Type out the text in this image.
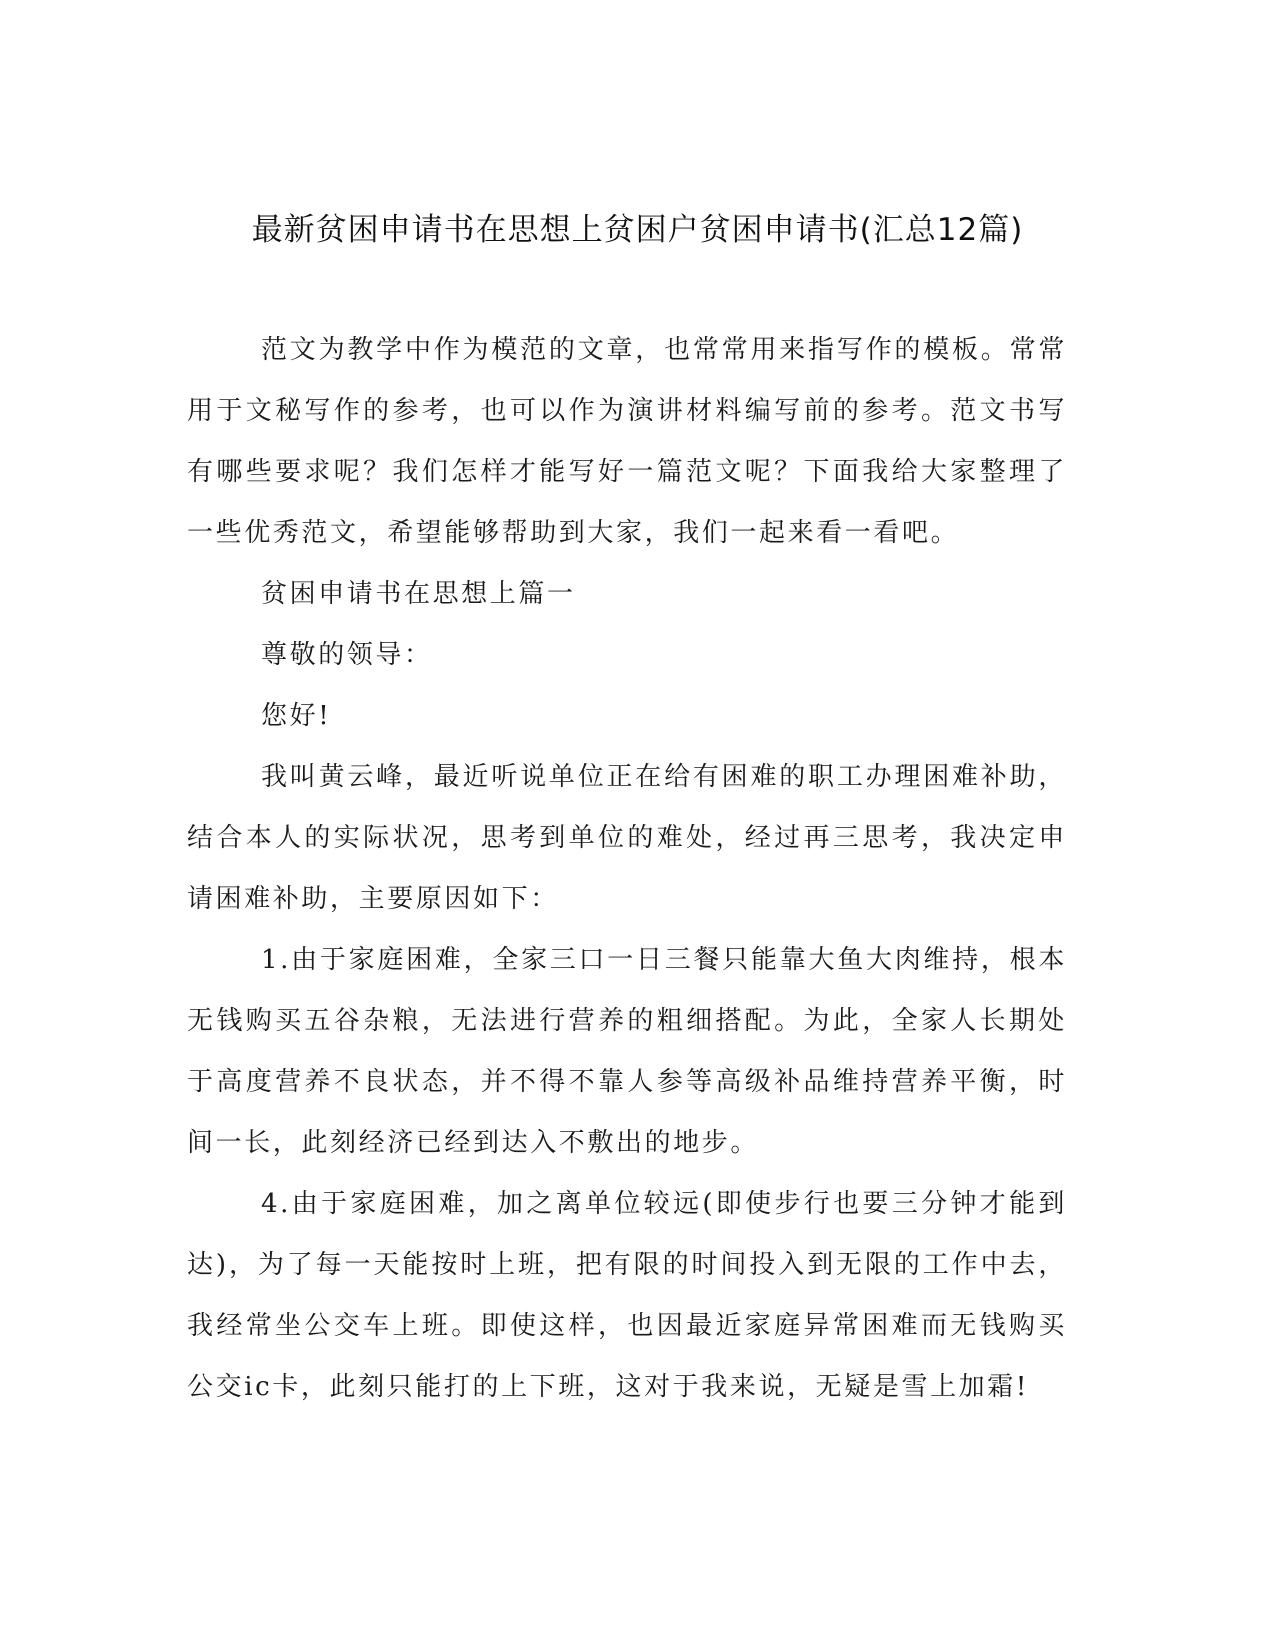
最新贫困申请书在思想上贫困户贫困申请书(汇总12篇)

范文为教学中作为模范的文章，也常常用来指写作的模板。常常用于文秘写作的参考，也可以作为演讲材料编写前的参考。范文书写有哪些要求呢？我们怎样才能写好一篇范文呢？下面我给大家整理了一些优秀范文，希望能够帮助到大家，我们一起来看一看吧。

贫困申请书在思想上篇一

尊敬的领导：

您好!

我叫黄云峰，最近听说单位正在给有困难的职工办理困难补助，结合本人的实际状况，思考到单位的难处，经过再三思考，我决定申请困难补助，主要原因如下：

1.由于家庭困难，全家三口一日三餐只能靠大鱼大肉维持，根本无钱购买五谷杂粮，无法进行营养的粗细搭配。为此，全家人长期处于高度营养不良状态，并不得不靠人参等高级补品维持营养平衡，时间一长，此刻经济已经到达入不敷出的地步。

4.由于家庭困难，加之离单位较远(即使步行也要三分钟才能到达)，为了每一天能按时上班，把有限的时间投入到无限的工作中去，我经常坐公交车上班。即使这样，也因最近家庭异常困难而无钱购买公交ic卡，此刻只能打的上下班，这对于我来说，无疑是雪上加霜!
